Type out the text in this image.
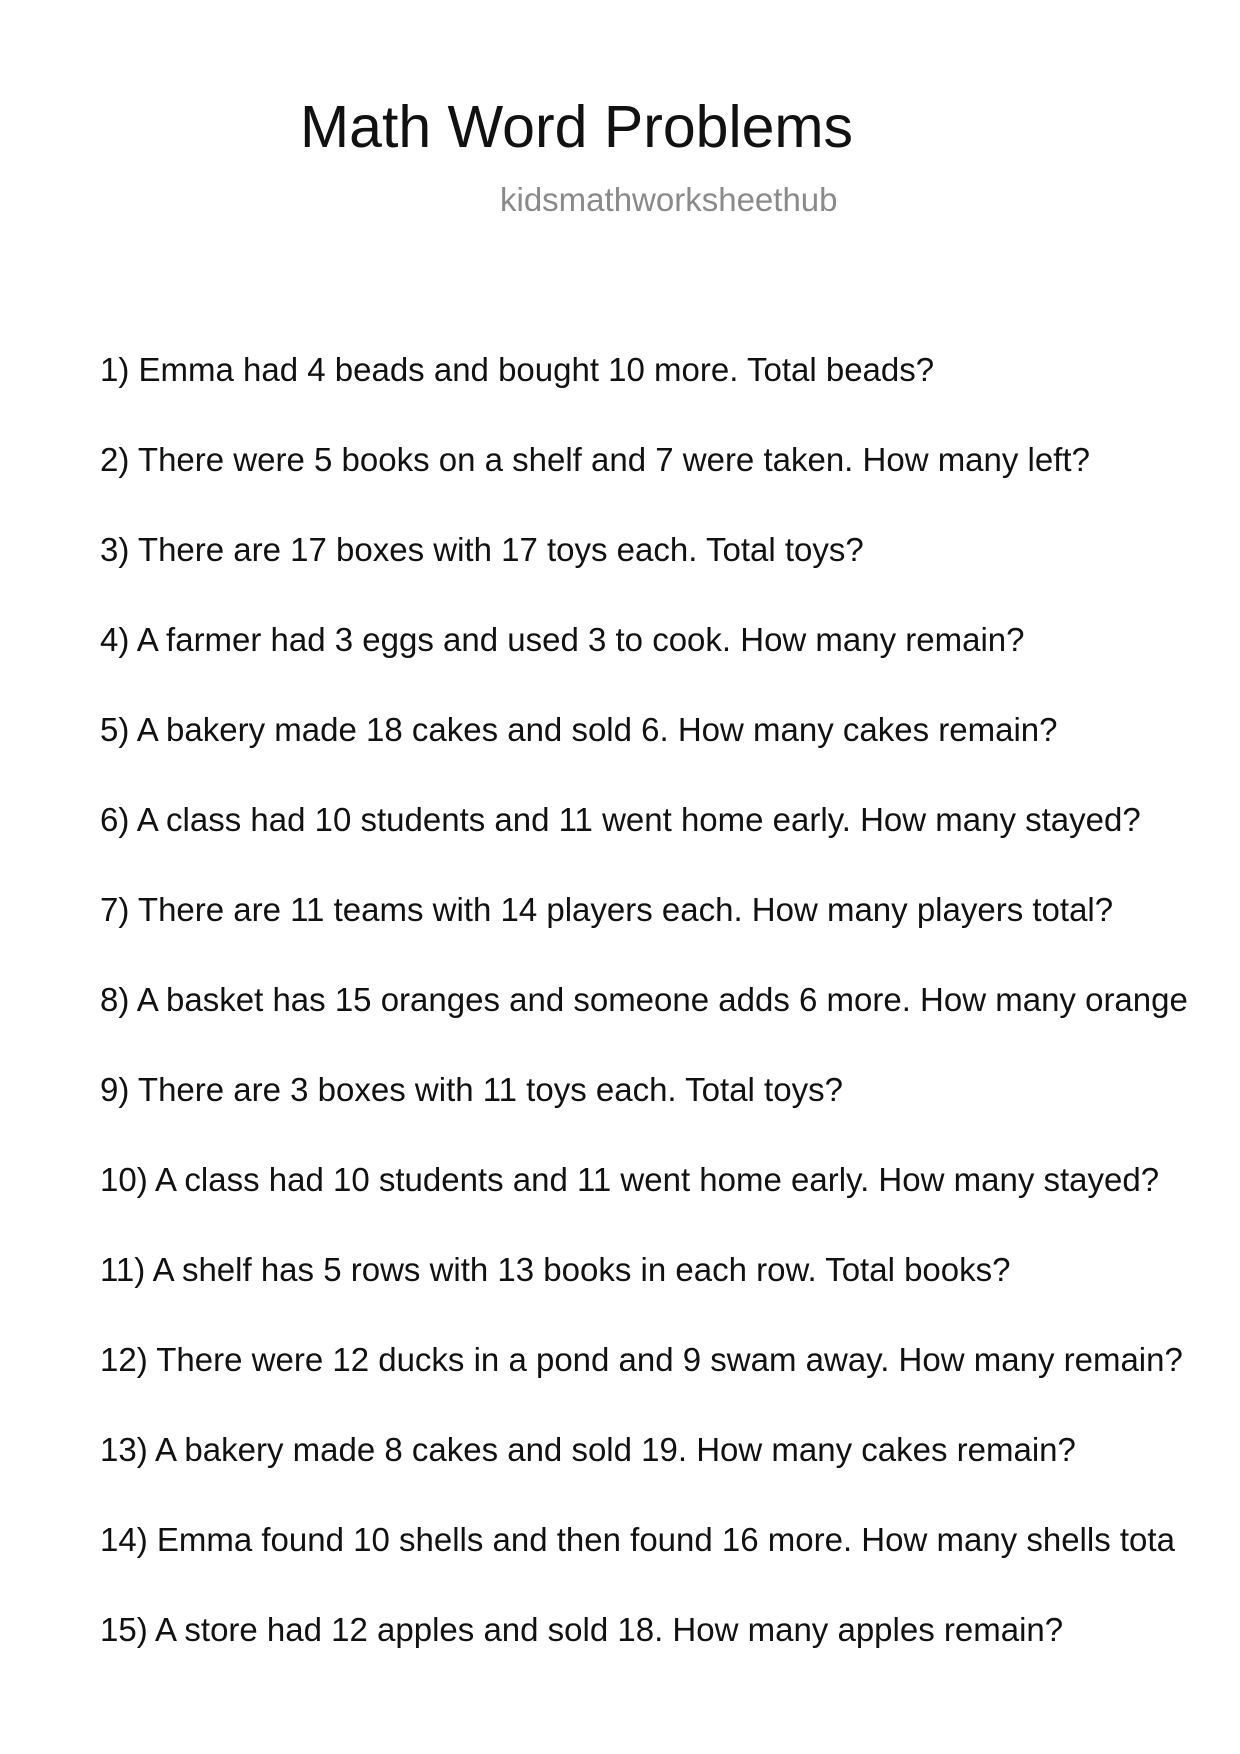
Math Word Problems
kidsmathworksheethub
1) Emma had 4 beads and bought 10 more. Total beads?
2) There were 5 books on a shelf and 7 were taken. How many left?
3) There are 17 boxes with 17 toys each. Total toys?
4) A farmer had 3 eggs and used 3 to cook. How many remain?
5) A bakery made 18 cakes and sold 6. How many cakes remain?
6) A class had 10 students and 11 went home early. How many stayed?
7) There are 11 teams with 14 players each. How many players total?
8) A basket has 15 oranges and someone adds 6 more. How many orange
9) There are 3 boxes with 11 toys each. Total toys?
10) A class had 10 students and 11 went home early. How many stayed?
11) A shelf has 5 rows with 13 books in each row. Total books?
12) There were 12 ducks in a pond and 9 swam away. How many remain?
13) A bakery made 8 cakes and sold 19. How many cakes remain?
14) Emma found 10 shells and then found 16 more. How many shells tota
15) A store had 12 apples and sold 18. How many apples remain?
